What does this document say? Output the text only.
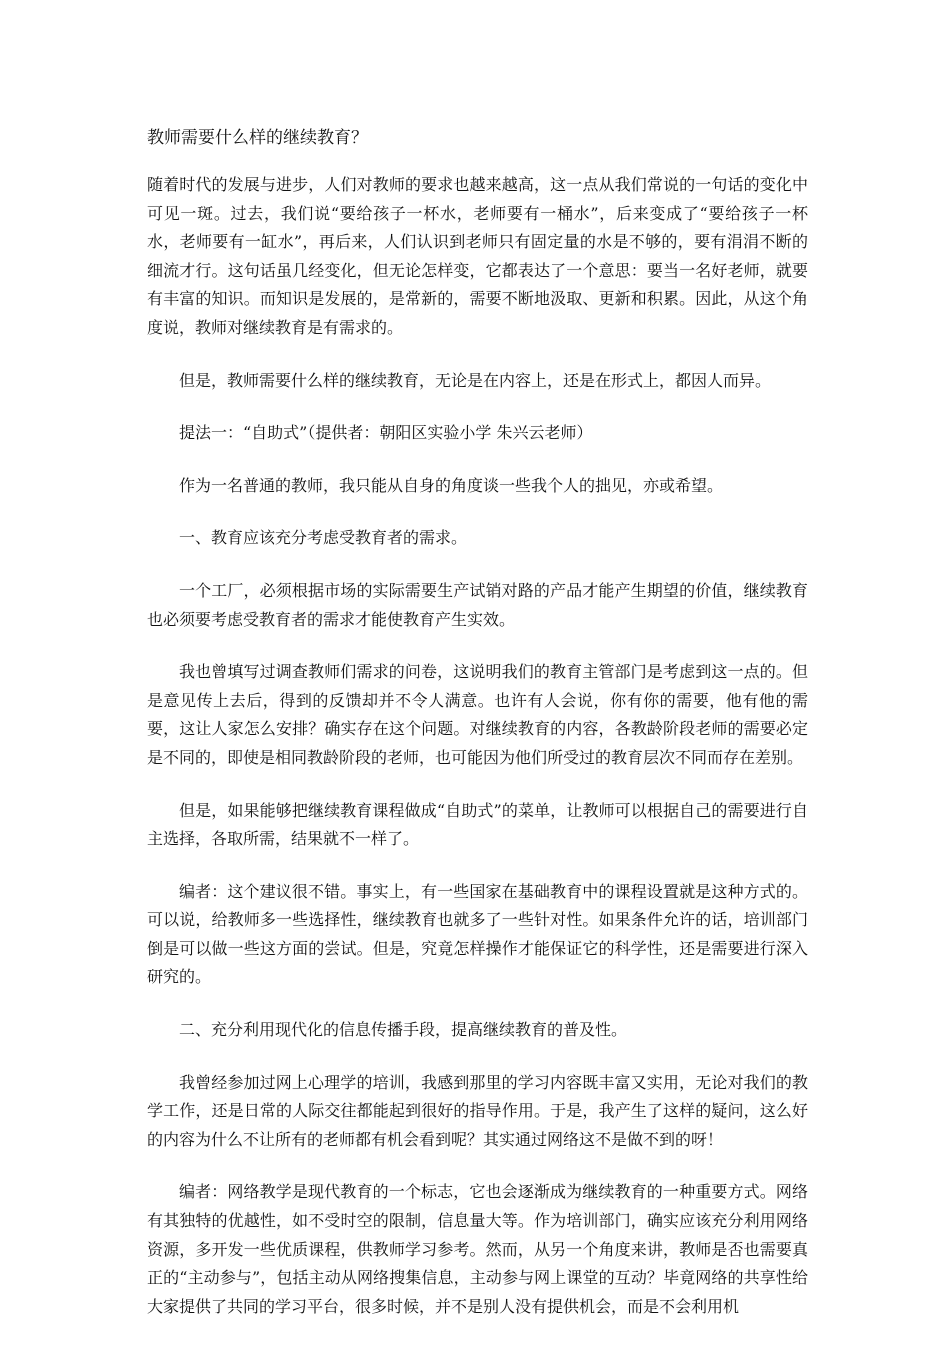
教师需要什么样的继续教育？

随着时代的发展与进步，人们对教师的要求也越来越高，这一点从我们常说的一句话的变化中可见一斑。过去，我们说“要给孩子一杯水，老师要有一桶水”，后来变成了“要给孩子一杯水，老师要有一缸水”，再后来，人们认识到老师只有固定量的水是不够的，要有涓涓不断的细流才行。这句话虽几经变化，但无论怎样变，它都表达了一个意思：要当一名好老师，就要有丰富的知识。而知识是发展的，是常新的，需要不断地汲取、更新和积累。因此，从这个角度说，教师对继续教育是有需求的。

但是，教师需要什么样的继续教育，无论是在内容上，还是在形式上，都因人而异。

提法一：“自助式”（提供者：朝阳区实验小学 朱兴云老师）

作为一名普通的教师，我只能从自身的角度谈一些我个人的拙见，亦或希望。

一、教育应该充分考虑受教育者的需求。

一个工厂，必须根据市场的实际需要生产试销对路的产品才能产生期望的价值，继续教育也必须要考虑受教育者的需求才能使教育产生实效。

我也曾填写过调查教师们需求的问卷，这说明我们的教育主管部门是考虑到这一点的。但是意见传上去后，得到的反馈却并不令人满意。也许有人会说，你有你的需要，他有他的需要，这让人家怎么安排？确实存在这个问题。对继续教育的内容，各教龄阶段老师的需要必定是不同的，即使是相同教龄阶段的老师，也可能因为他们所受过的教育层次不同而存在差别。

但是，如果能够把继续教育课程做成“自助式”的菜单，让教师可以根据自己的需要进行自主选择，各取所需，结果就不一样了。

编者：这个建议很不错。事实上，有一些国家在基础教育中的课程设置就是这种方式的。可以说，给教师多一些选择性，继续教育也就多了一些针对性。如果条件允许的话，培训部门倒是可以做一些这方面的尝试。但是，究竟怎样操作才能保证它的科学性，还是需要进行深入研究的。

二、充分利用现代化的信息传播手段，提高继续教育的普及性。

我曾经参加过网上心理学的培训，我感到那里的学习内容既丰富又实用，无论对我们的教学工作，还是日常的人际交往都能起到很好的指导作用。于是，我产生了这样的疑问，这么好的内容为什么不让所有的老师都有机会看到呢？其实通过网络这不是做不到的呀！

编者：网络教学是现代教育的一个标志，它也会逐渐成为继续教育的一种重要方式。网络有其独特的优越性，如不受时空的限制，信息量大等。作为培训部门，确实应该充分利用网络资源，多开发一些优质课程，供教师学习参考。然而，从另一个角度来讲，教师是否也需要真正的“主动参与”，包括主动从网络搜集信息，主动参与网上课堂的互动？毕竟网络的共享性给大家提供了共同的学习平台，很多时候，并不是别人没有提供机会，而是不会利用机
